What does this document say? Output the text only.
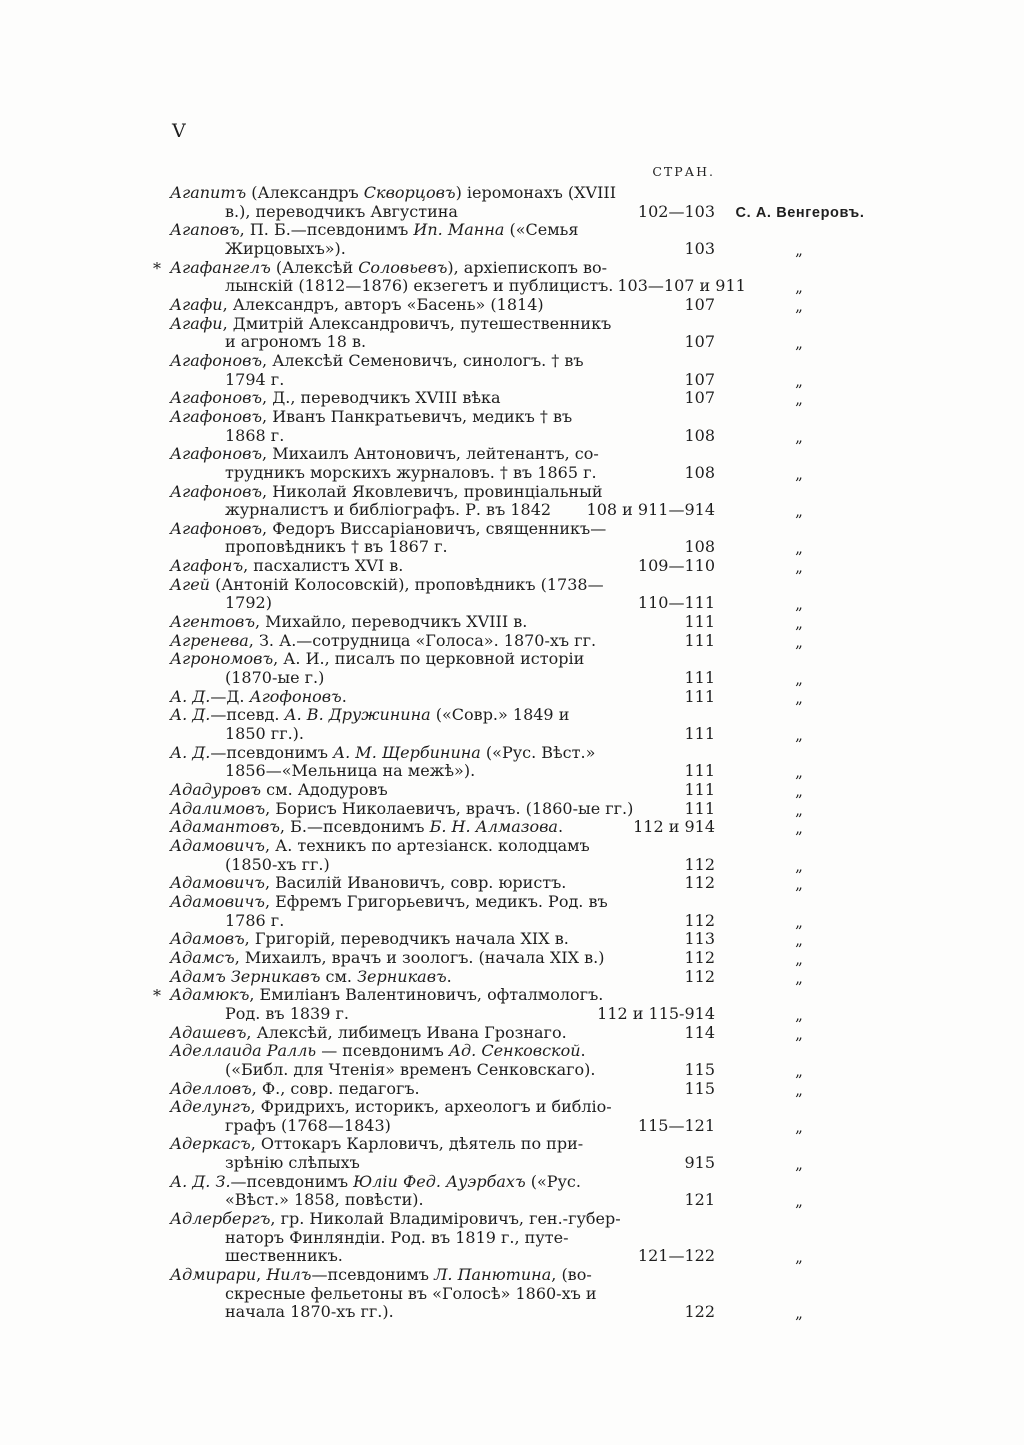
V
СТРАН.
Агапитъ (Александръ Скворцовъ) іеромонахъ (XVIII
в.), переводчикъ Августина	102—103	С. А. Венгеровъ.
Агаповъ, П. Б.—псевдонимъ Ип. Манна («Семья
Жирцовыхъ»).	103	„
* Агафангелъ (Алексѣй Соловьевъ), архіепископъ во-
лынскій (1812—1876) екзегетъ и публицистъ. 103—107 и 911	„
Агафи, Александръ, авторъ «Басень» (1814)	107	„
Агафи, Дмитрій Александровичъ, путешественникъ
и агрономъ 18 в.	107	„
Агафоновъ, Алексѣй Семеновичъ, синологъ. † въ
1794 г.	107	„
Агафоновъ, Д., переводчикъ XVIII вѣка	107	„
Агафоновъ, Иванъ Панкратьевичъ, медикъ † въ
1868 г.	108	„
Агафоновъ, Михаилъ Антоновичъ, лейтенантъ, со-
трудникъ морскихъ журналовъ. † въ 1865 г.	108	„
Агафоновъ, Николай Яковлевичъ, провинціальный
журналистъ и библіографъ. Р. въ 1842 108 и 911—914	„
Агафоновъ, Федоръ Виссаріановичъ, священникъ—
проповѣдникъ † въ 1867 г.	108	„
Агафонъ, пасхалистъ XVI в.	109—110	„
Агей (Антоній Колосовскій), проповѣдникъ (1738—
1792)	110—111	„
Агентовъ, Михайло, переводчикъ XVIII в.	111	„
Агренева, З. А.—сотрудница «Голоса». 1870-хъ гг.	111	„
Агрономовъ, А. И., писалъ по церковной исторіи
(1870-ые г.)	111	„
А. Д.—Д. Агофоновъ.	111	„
А. Д.—псевд. А. В. Дружинина («Совр.» 1849 и
1850 гг.).	111	„
А. Д.—псевдонимъ А. М. Щербинина («Рус. Вѣст.»
1856—«Мельница на межѣ»).	111	„
Ададуровъ см. Адодуровъ	111	„
Адалимовъ, Борисъ Николаевичъ, врачъ. (1860-ые гг.)	111	„
Адамантовъ, Б.—псевдонимъ Б. Н. Алмазова.	112 и 914	„
Адамовичъ, А. техникъ по артезіанск. колодцамъ
(1850-хъ гг.)	112	„
Адамовичъ, Василій Ивановичъ, совр. юристъ.	112	„
Адамовичъ, Ефремъ Григорьевичъ, медикъ. Род. въ
1786 г.	112	„
Адамовъ, Григорій, переводчикъ начала XIX в.	113	„
Адамсъ, Михаилъ, врачъ и зоологъ. (начала XIX в.)	112	„
Адамъ Зерникавъ см. Зерникавъ.	112	„
* Адамюкъ, Емиліанъ Валентиновичъ, офталмологъ.
Род. въ 1839 г.	112 и 115-914	„
Адашевъ, Алексѣй, либимецъ Ивана Грознаго.	114	„
Аделлаида Ралль — псевдонимъ Ад. Сенковской.
(«Библ. для Чтенія» временъ Сенковскаго).	115	„
Аделловъ, Ф., совр. педагогъ.	115	„
Аделунгъ, Фридрихъ, историкъ, археологъ и библіо-
графъ (1768—1843)	115—121	„
Адеркасъ, Оттокаръ Карловичъ, дѣятель по при-
зрѣнію слѣпыхъ	915	„
А. Д. З.—псевдонимъ Юліи Фед. Ауэрбахъ («Рус.
«Вѣст.» 1858, повѣсти).	121	„
Адлербергъ, гр. Николай Владиміровичъ, ген.-губер-
наторъ Финляндіи. Род. въ 1819 г., путе-
шественникъ.	121—122	„
Адмирари, Нилъ—псевдонимъ Л. Панютина, (во-
скресные фельетоны въ «Голосѣ» 1860-хъ и
начала 1870-хъ гг.).	122	„
